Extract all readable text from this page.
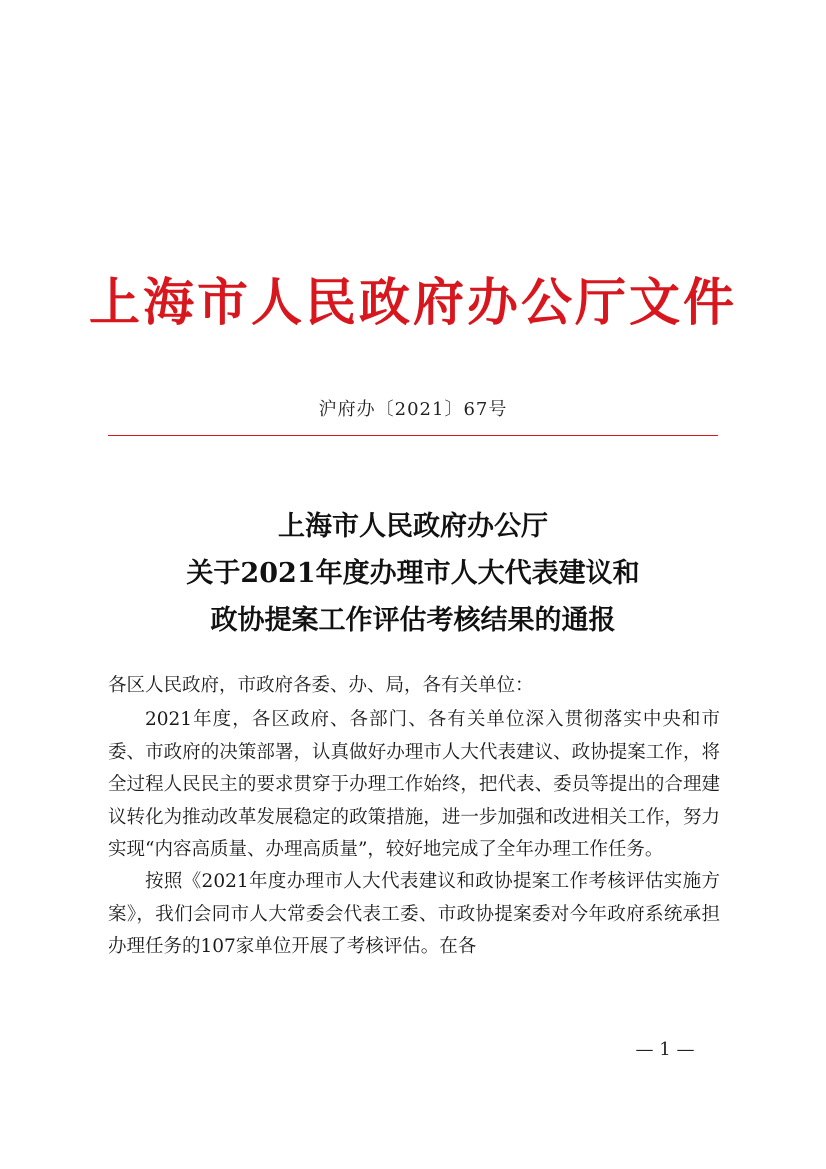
上海市人民政府办公厅文件
沪府办〔2021〕67号
上海市人民政府办公厅
关于2021年度办理市人大代表建议和
政协提案工作评估考核结果的通报

各区人民政府，市政府各委、办、局，各有关单位：

2021年度，各区政府、各部门、各有关单位深入贯彻落实中央和市委、市政府的决策部署，认真做好办理市人大代表建议、政协提案工作，将全过程人民民主的要求贯穿于办理工作始终，把代表、委员等提出的合理建议转化为推动改革发展稳定的政策措施，进一步加强和改进相关工作，努力实现“内容高质量、办理高质量”，较好地完成了全年办理工作任务。

按照《2021年度办理市人大代表建议和政协提案工作考核评估实施方案》，我们会同市人大常委会代表工委、市政协提案委对今年政府系统承担办理任务的107家单位开展了考核评估。在各

— 1 —
